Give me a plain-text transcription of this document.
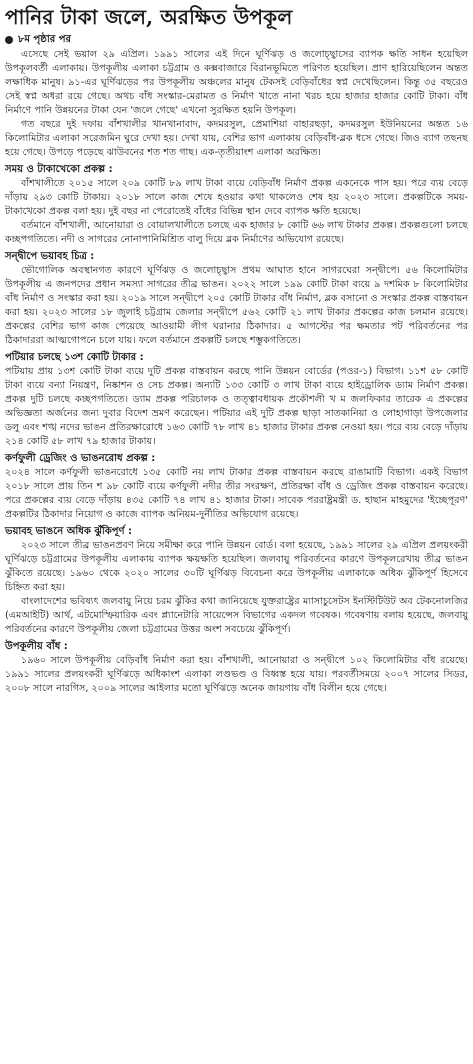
পানির টাকা জলে, অরক্ষিত উপকূল
৮ম পৃষ্ঠার পর

এসেছে সেই ভয়াল ২৯ এপ্রিল। ১৯৯১ সালের এই দিনে ঘূর্ণিঝড় ও জলোচ্ছ্বাসের ব্যাপক ক্ষতি সাধন হয়েছিল উপকূলবর্তী এলাকায়। উপকূলীয় এলাকা চট্টগ্রাম ও কক্সবাজারে বিরানভূমিতে পরিণত হয়েছিল। প্রাণ হারিয়েছিলেন অন্তত লক্ষাধিক মানুষ। ৯১-এর ঘূর্ণিঝড়ের পর উপকূলীয় অঞ্চলের মানুষ টেকসই বেড়িবাঁধের স্বপ্ন দেখেছিলেন। কিন্তু ৩৫ বছরেও সেই স্বপ্ন অধরা রয়ে গেছে। অথচ বাঁধ সংস্কার-মেরামত ও নির্মাণ খাতে নানা খরচ হয়ে হাজার হাজার কোটি টাকা। বাঁধ নির্মাণে পানি উন্নয়নের টাকা যেন 'জলে গেছে' এখনো সুরক্ষিত হয়নি উপকূল।

গত বছরে দুই দফায় বাঁশখালীর খানখানাবাদ, কদমরসুল, প্রেমাশিয়া বাহারছড়া, কদমরসুল ইউনিয়নের অন্তত ১৬ কিলোমিটার এলাকা সরেজমিন ঘুরে দেখা হয়। দেখা যায়, বেশির ভাগ এলাকায় বেড়িবাঁধ-ব্লক ধসে গেছে। জিও ব্যাগ তছনছ হয়ে গেছে। উপড়ে পড়েছে ঝাউবনের শত শত গাছ। এক-তৃতীয়াংশ এলাকা অরক্ষিত।

সময় ও টাকাখেকো প্রকল্প :

বাঁশখালীতে ২০১৫ সালে ২০৯ কোটি ৮৯ লাখ টাকা ব্যয়ে বেড়িবাঁধ নির্মাণ প্রকল্প একনেকে পাস হয়। পরে ব্যয় বেড়ে দাঁড়ায় ২৯৩ কোটি টাকায়। ২০১৮ সালে কাজ শেষে হওয়ার কথা থাকলেও শেষ হয় ২০২৩ সালে। প্রকল্পটিকে সময়-টাকাখেকো প্রকল্প বলা হয়। দুই বছর না পেরোতেই বাঁধের বিভিন্ন স্থান দেবে ব্যাপক ক্ষতি হয়েছে।

বর্তমানে বাঁশখালী, আনোয়ারা ও বোয়ালখালীতে চলছে এক হাজার ৮ কোটি ৬৬ লাখ টাকার প্রকল্প। প্রকল্পগুলো চলছে কচ্ছপগতিতে। নদী ও সাগরের নোনাপানিমিশ্রিত বালু দিয়ে ব্লক নির্মাণের অভিযোগ রয়েছে।

সন্দ্বীপে ভয়াবহ চিত্র :

ভৌগোলিক অবস্থানগত কারণে ঘূর্ণিঝড় ও জলোচ্ছ্বাস প্রথম আঘাত হানে সাগরঘেরা সন্দ্বীপে। ৫৬ কিলোমিটার উপকূলীয় এ জনপদের প্রধান সমস্যা সাগরের তীব্র ভাঙন। ২০২২ সালে ১৯৯ কোটি টাকা ব্যয়ে ৯ দশমিক ৮ কিলোমিটার বাঁধ নির্মাণ ও সংস্কার করা হয়। ২০১৯ সালে সন্দ্বীপে ২০৫ কোটি টাকার বাঁধ নির্মাণ, ব্লক বসানো ও সংস্কার প্রকল্প বাস্তবায়ন করা হয়। ২০২৩ সালের ১৮ জুলাই চট্টগ্রাম জেলার সন্দ্বীপে ৫৬২ কোটি ২১ লাখ টাকার প্রকল্পের কাজ চলমান রয়েছে। প্রকল্পের বেশির ভাগ কাজ পেয়েছে আওয়ামী লীগ ঘরানার ঠিকাদার। ৫ আগস্টের পর ক্ষমতার পট পরিবর্তনের পর ঠিকাদাররা আত্মগোপনে চলে যায়। ফলে বর্তমানে প্রকল্পটি চলছে শম্ভুকগতিতে।

পটিয়ার চলছে ১৩শ কোটি টাকার :

পটিয়ায় প্রায় ১৩শ কোটি টাকা ব্যয়ে দুটি প্রকল্প বাস্তবায়ন করছে পানি উন্নয়ন বোর্ডের (পওর-১) বিভাগ। ১১শ ৫৮ কোটি টাকা ব্যয়ে বন্যা নিয়ন্ত্রণ, নিষ্কাশন ও সেচ প্রকল্প। অন্যটি ১৩৩ কোটি ৩ লাখ টাকা ব্যয়ে হাইড্রোলিক ড্যাম নির্মাণ প্রকল্প। প্রকল্প দুটি চলছে কচ্ছপগতিতে। ড্যাম প্রকল্প পরিচালক ও তত্ত্বাবধায়ক প্রকৌশলী খ ম জলফিকার তারেক এ প্রকল্পের অভিজ্ঞতা অর্জনের জন্য দুবার বিদেশ ভ্রমণ করেছেন। পটিয়ার এই দুটি প্রকল্প ছাড়া সাতকানিয়া ও লোহাগাড়া উপজেলার ডলু এবং শঙ্খ নদের ভাঙন প্রতিরক্ষারোধে ১৬৩ কোটি ৭৮ লাখ ৪১ হাজার টাকার প্রকল্প নেওয়া হয়। পরে ব্যয় বেড়ে দাঁড়ায় ২১৪ কোটি ৫৮ লাখ ৭৯ হাজার টাকায়।

কর্ণফুলী ড্রেজিং ও ভাঙনরোধ প্রকল্প :

২০২৪ সালে কর্ণফুলী ভাঙনরোধে ১৩৫ কোটি নয় লাখ টাকার প্রকল্প বাস্তবায়ন করছে রাঙামাটি বিভাগ। একই বিভাগ ২০১৮ সালে প্রায় তিন শ ৯৮ কোটি ব্যয়ে কর্ণফুলী নদীর তীর সংরক্ষণ, প্রতিরক্ষা বাঁধ ও ড্রেজিং প্রকল্প বাস্তবায়ন করেছে। পরে প্রকল্পের ব্যয় বেড়ে দাঁড়ায় ৪৩৫ কোটি ৭৪ লাখ ৪১ হাজার টাকা। সাবেক পররাষ্ট্রমন্ত্রী ড. হাছান মাহমুদের 'ইচ্ছেপূরণ' প্রকল্পটির ঠিকাদার নিয়োগ ও কাজে ব্যাপক অনিয়ম-দুর্নীতির অভিযোগ রয়েছে।

ভয়াবহ ভাঙনে অধিক ঝুঁকিপূর্ণ :

২০২৩ সালে তীব্র ভাঙনপ্রবণ নিয়ে সমীক্ষা করে পানি উন্নয়ন বোর্ড। বলা হয়েছে, ১৯৯১ সালের ২৯ এপ্রিল প্রলয়ংকরী ঘূর্ণিঝড়ে চট্টগ্রামের উপকূলীয় এলাকায় ব্যাপক ক্ষয়ক্ষতি হয়েছিল। জলবায়ু পরিবর্তনের কারণে উপকূলরেখায় তীব্র ভাঙন ঝুঁকিতে রয়েছে। ১৯৬০ থেকে ২০২০ সালের ৩০টি ঘূর্ণিঝড় বিবেচনা করে উপকূলীয় এলাকাকে অধিক ঝুঁকিপূর্ণ হিসেবে চিহ্নিত করা হয়।

বাংলাদেশের ভবিষ্যৎ জলবায়ু নিয়ে চরম ঝুঁকির কথা জানিয়েছে যুক্তরাষ্ট্রের ম্যাসাচুসেটস ইনস্টিটিউট অব টেকনোলজির (এমআইটি) আর্থ, এটমোস্ফিয়ারিক এবং প্ল্যানেটারি সায়েন্সেস বিভাগের একদল গবেষক। গবেষণায় বলায় হয়েছে, জলবায়ু পরিবর্তনের কারণে উপকূলীয় জেলা চট্টগ্রামের উত্তর অংশ সবচেয়ে ঝুঁকিপূর্ণ।

উপকূলীয় বাঁধ :

১৯৬০ সালে উপকূলীয় বেড়িবাঁধ নির্মাণ করা হয়। বাঁশখালী, আনোয়ারা ও সন্দ্বীপে ১০২ কিলোমিটার বাঁধ রয়েছে। ১৯৯১ সালের প্রলয়ংকরী ঘূর্ণিঝড়ে অধিকাংশ এলাকা লণ্ডভণ্ড ও বিধ্বস্ত হয়ে যায়। পরবর্তীসময়ে ২০০৭ সালের সিডর, ২০০৮ সালে নারগিস, ২০০৯ সালের আইলার মতো ঘূর্ণিঝড়ে অনেক জায়গায় বাঁধ বিলীন হয়ে গেছে।
